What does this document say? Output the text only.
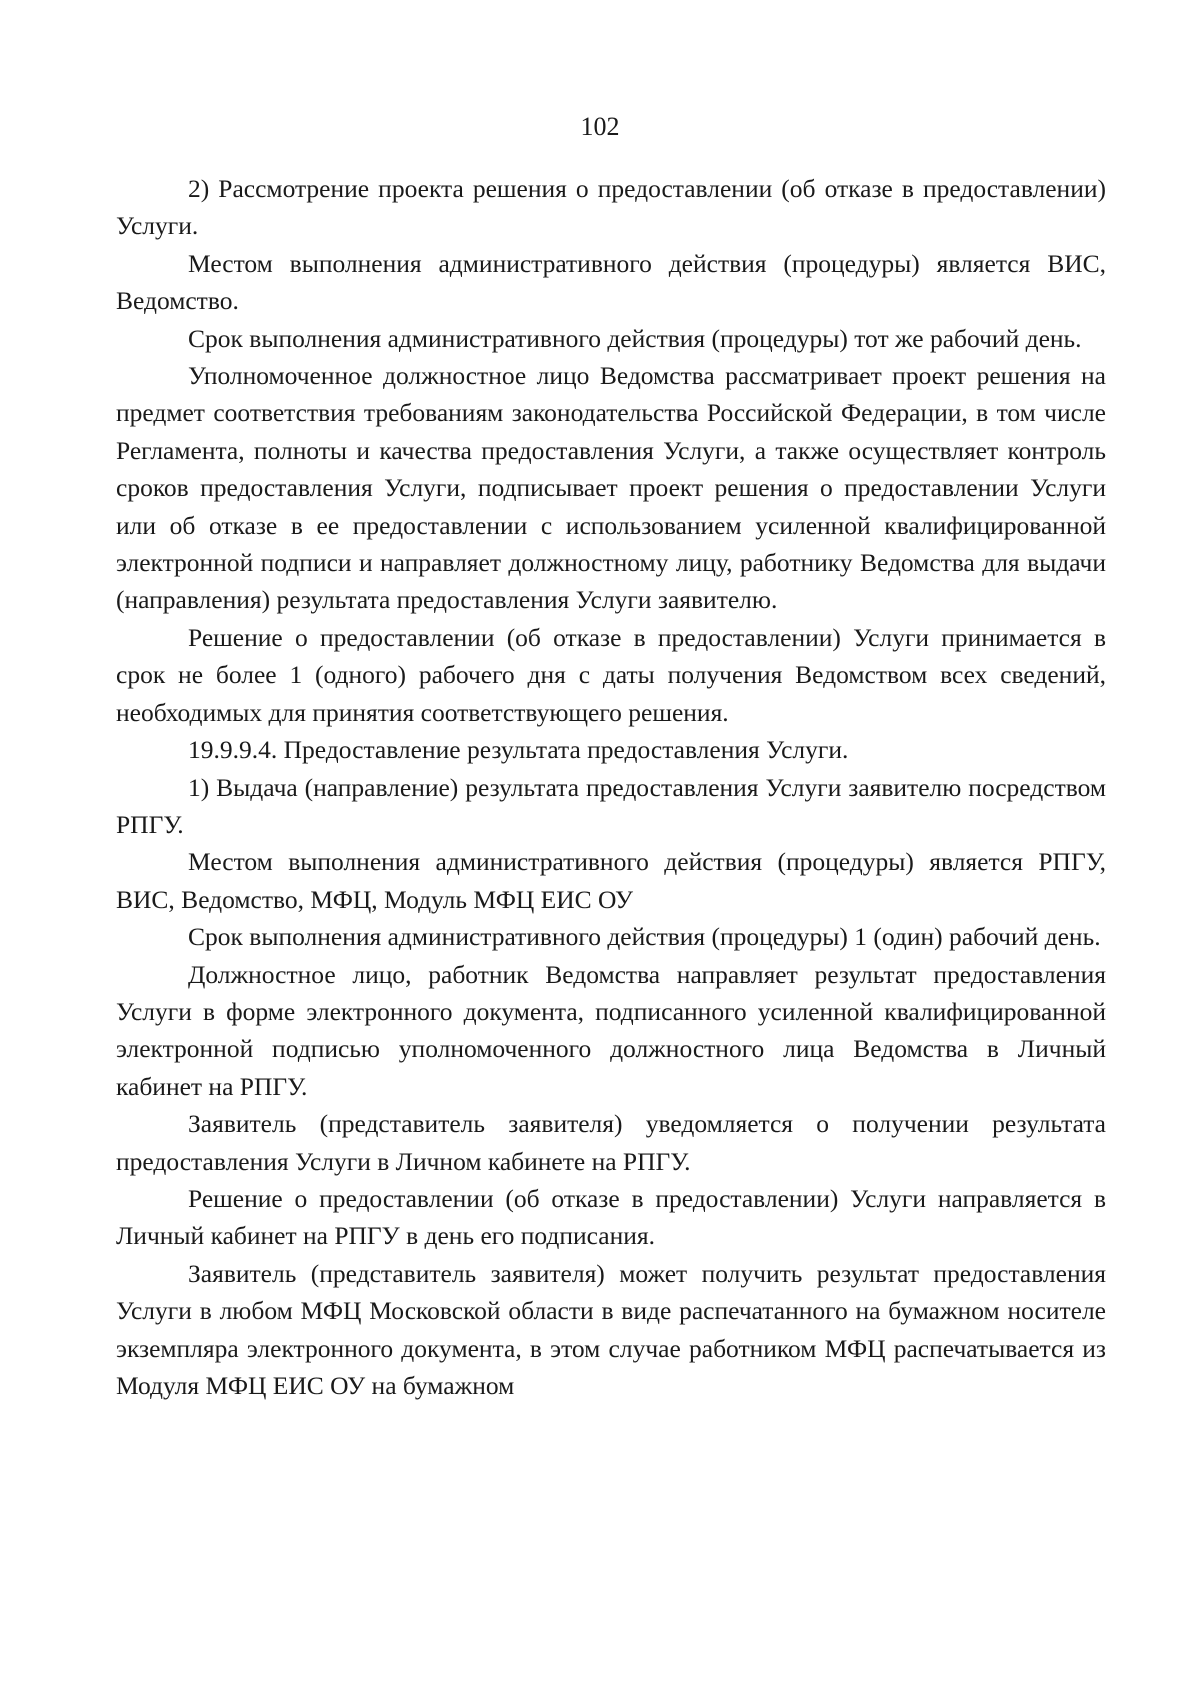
102

2) Рассмотрение проекта решения о предоставлении (об отказе в предоставлении) Услуги.

Местом выполнения административного действия (процедуры) является ВИС, Ведомство.

Срок выполнения административного действия (процедуры) тот же рабочий день.

Уполномоченное должностное лицо Ведомства рассматривает проект решения на предмет соответствия требованиям законодательства Российской Федерации, в том числе Регламента, полноты и качества предоставления Услуги, а также осуществляет контроль сроков предоставления Услуги, подписывает проект решения о предоставлении Услуги или об отказе в ее предоставлении с использованием усиленной квалифицированной электронной подписи и направляет должностному лицу, работнику Ведомства для выдачи (направления) результата предоставления Услуги заявителю.

Решение о предоставлении (об отказе в предоставлении) Услуги принимается в срок не более 1 (одного) рабочего дня с даты получения Ведомством всех сведений, необходимых для принятия соответствующего решения.

19.9.9.4. Предоставление результата предоставления Услуги.

1) Выдача (направление) результата предоставления Услуги заявителю посредством РПГУ.

Местом выполнения административного действия (процедуры) является РПГУ, ВИС, Ведомство, МФЦ, Модуль МФЦ ЕИС ОУ

Срок выполнения административного действия (процедуры) 1 (один) рабочий день.

Должностное лицо, работник Ведомства направляет результат предоставления Услуги в форме электронного документа, подписанного усиленной квалифицированной электронной подписью уполномоченного должностного лица Ведомства в Личный кабинет на РПГУ.

Заявитель (представитель заявителя) уведомляется о получении результата предоставления Услуги в Личном кабинете на РПГУ.

Решение о предоставлении (об отказе в предоставлении) Услуги направляется в Личный кабинет на РПГУ в день его подписания.

Заявитель (представитель заявителя) может получить результат предоставления Услуги в любом МФЦ Московской области в виде распечатанного на бумажном носителе экземпляра электронного документа, в этом случае работником МФЦ распечатывается из Модуля МФЦ ЕИС ОУ на бумажном
